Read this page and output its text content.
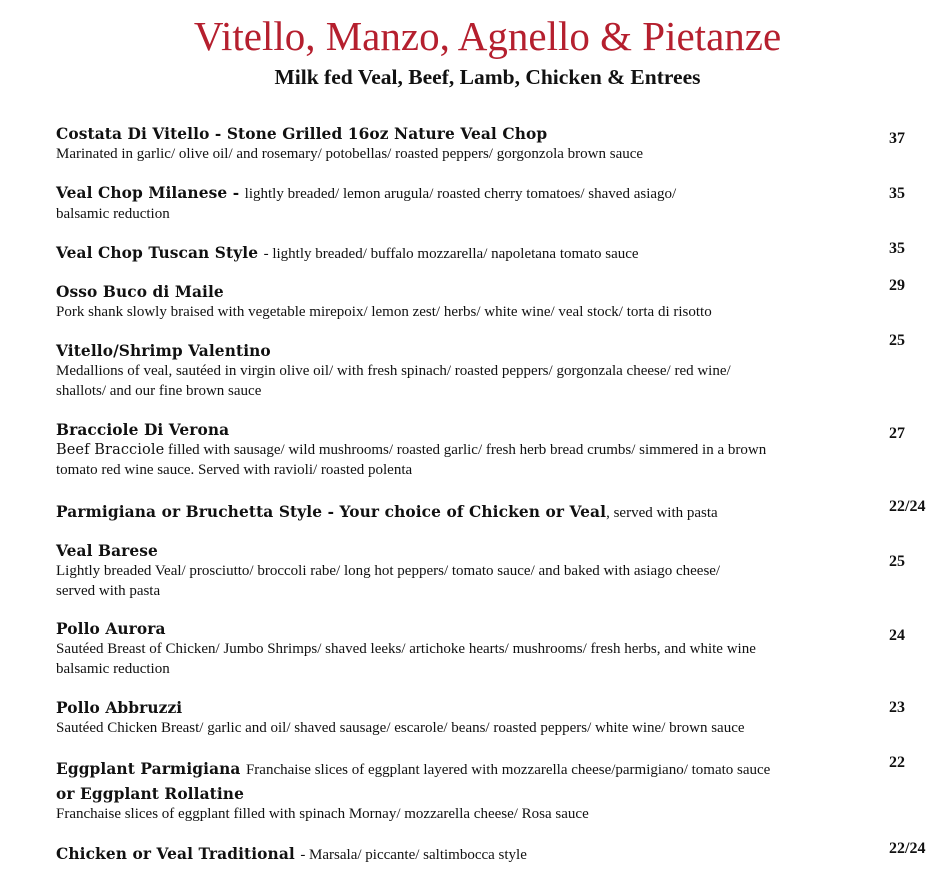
Vitello, Manzo, Agnello & Pietanze
Milk fed Veal, Beef, Lamb, Chicken & Entrees
Costata Di Vitello - Stone Grilled 16oz Nature Veal Chop
Marinated in garlic/ olive oil/ and rosemary/ potobellas/ roasted peppers/ gorgonzola brown sauce
37
Veal Chop Milanese - lightly breaded/ lemon arugula/ roasted cherry tomatoes/ shaved asiago/
balsamic reduction
35
Veal Chop Tuscan Style - lightly breaded/ buffalo mozzarella/ napoletana tomato sauce	35
Osso Buco di Maile
Pork shank slowly braised with vegetable mirepoix/ lemon zest/ herbs/ white wine/ veal stock/ torta di risotto
29
Vitello/Shrimp Valentino
Medallions of veal, sautéed in virgin olive oil/ with fresh spinach/ roasted peppers/ gorgonzala cheese/ red wine/
shallots/ and our fine brown sauce
25
Bracciole Di Verona
Beef Bracciole filled with sausage/ wild mushrooms/ roasted garlic/ fresh herb bread crumbs/ simmered in a brown
tomato red wine sauce. Served with ravioli/ roasted polenta
27
Parmigiana or Bruchetta Style - Your choice of Chicken or Veal, served with pasta	22/24
Veal Barese
Lightly breaded Veal/ prosciutto/ broccoli rabe/ long hot peppers/ tomato sauce/ and baked with asiago cheese/
served with pasta
25
Pollo Aurora
Sautéed Breast of Chicken/ Jumbo Shrimps/ shaved leeks/ artichoke hearts/ mushrooms/ fresh herbs, and white wine
balsamic reduction
24
Pollo Abbruzzi
Sautéed Chicken Breast/ garlic and oil/ shaved sausage/ escarole/ beans/ roasted peppers/ white wine/ brown sauce
23
Eggplant Parmigiana Franchaise slices of eggplant layered with mozzarella cheese/parmigiano/ tomato sauce
or Eggplant Rollatine
Franchaise slices of eggplant filled with spinach Mornay/ mozzarella cheese/ Rosa sauce
22
Chicken or Veal Traditional - Marsala/ piccante/ saltimbocca style	22/24
